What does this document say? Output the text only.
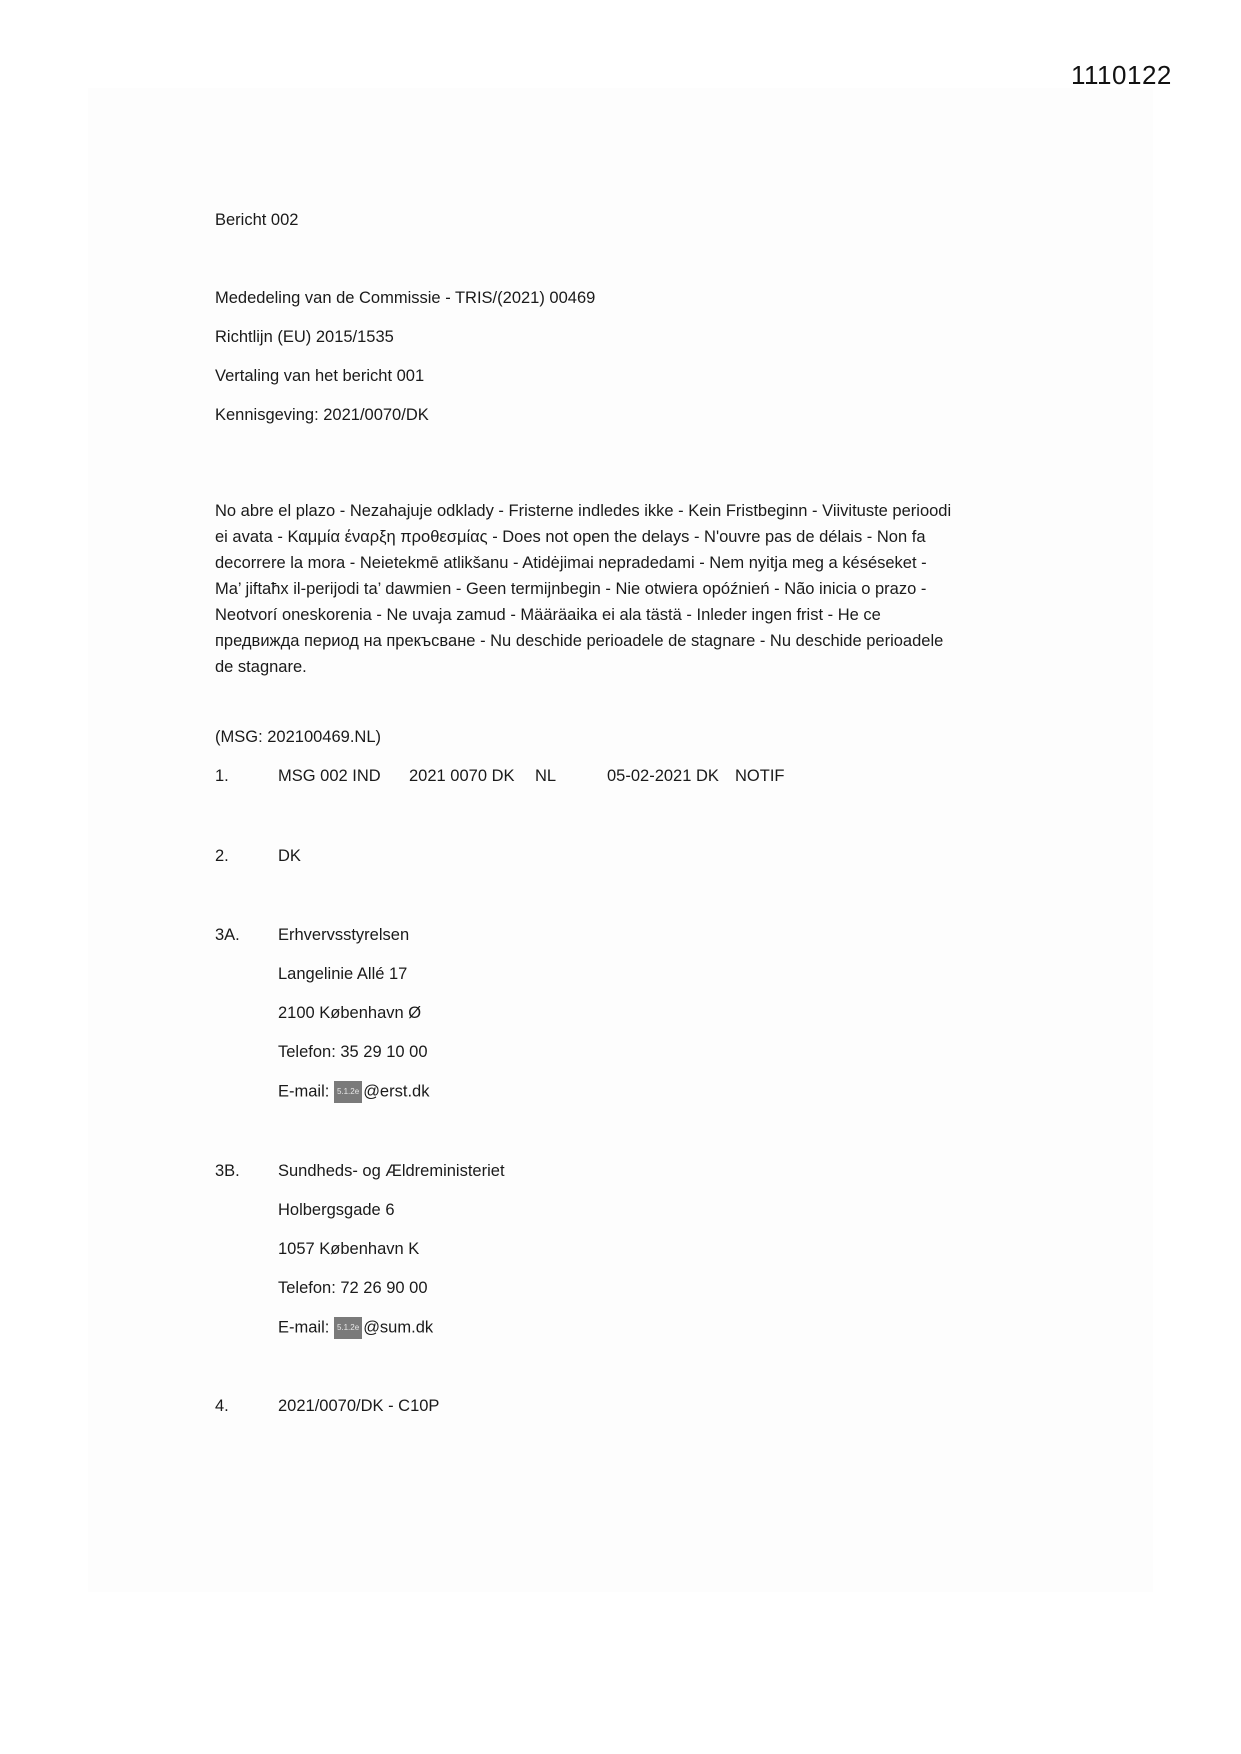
1110122
Bericht 002
Mededeling van de Commissie - TRIS/(2021) 00469
Richtlijn (EU) 2015/1535
Vertaling van het bericht 001
Kennisgeving: 2021/0070/DK
No abre el plazo - Nezahajuje odklady - Fristerne indledes ikke - Kein Fristbeginn - Viivituste perioodi
ei avata - Καμμία έναρξη προθεσμίας - Does not open the delays - N'ouvre pas de délais - Non fa
decorrere la mora - Neietekmē atlikšanu - Atidėjimai nepradedami - Nem nyitja meg a késéseket -
Ma’ jiftaħx il-perijodi ta’ dawmien - Geen termijnbegin - Nie otwiera opóźnień - Não inicia o prazo -
Neotvorí oneskorenia - Ne uvaja zamud - Määräaika ei ala tästä - Inleder ingen frist - Не се
предвижда период на прекъсване - Nu deschide perioadele de stagnare - Nu deschide perioadele
de stagnare.
(MSG: 202100469.NL)
1.	MSG 002 IND 2021 0070 DK NL	05-02-2021 DK NOTIF
2.	DK
3A. Erhvervsstyrelsen
Langelinie Allé 17
2100 København Ø
Telefon: 35 29 10 00
E-mail: 5.1.2e @erst.dk
3B. Sundheds- og Ældreministeriet
Holbergsgade 6
1057 København K
Telefon: 72 26 90 00
E-mail: 5.1.2e @sum.dk
4.	2021/0070/DK - C10P
